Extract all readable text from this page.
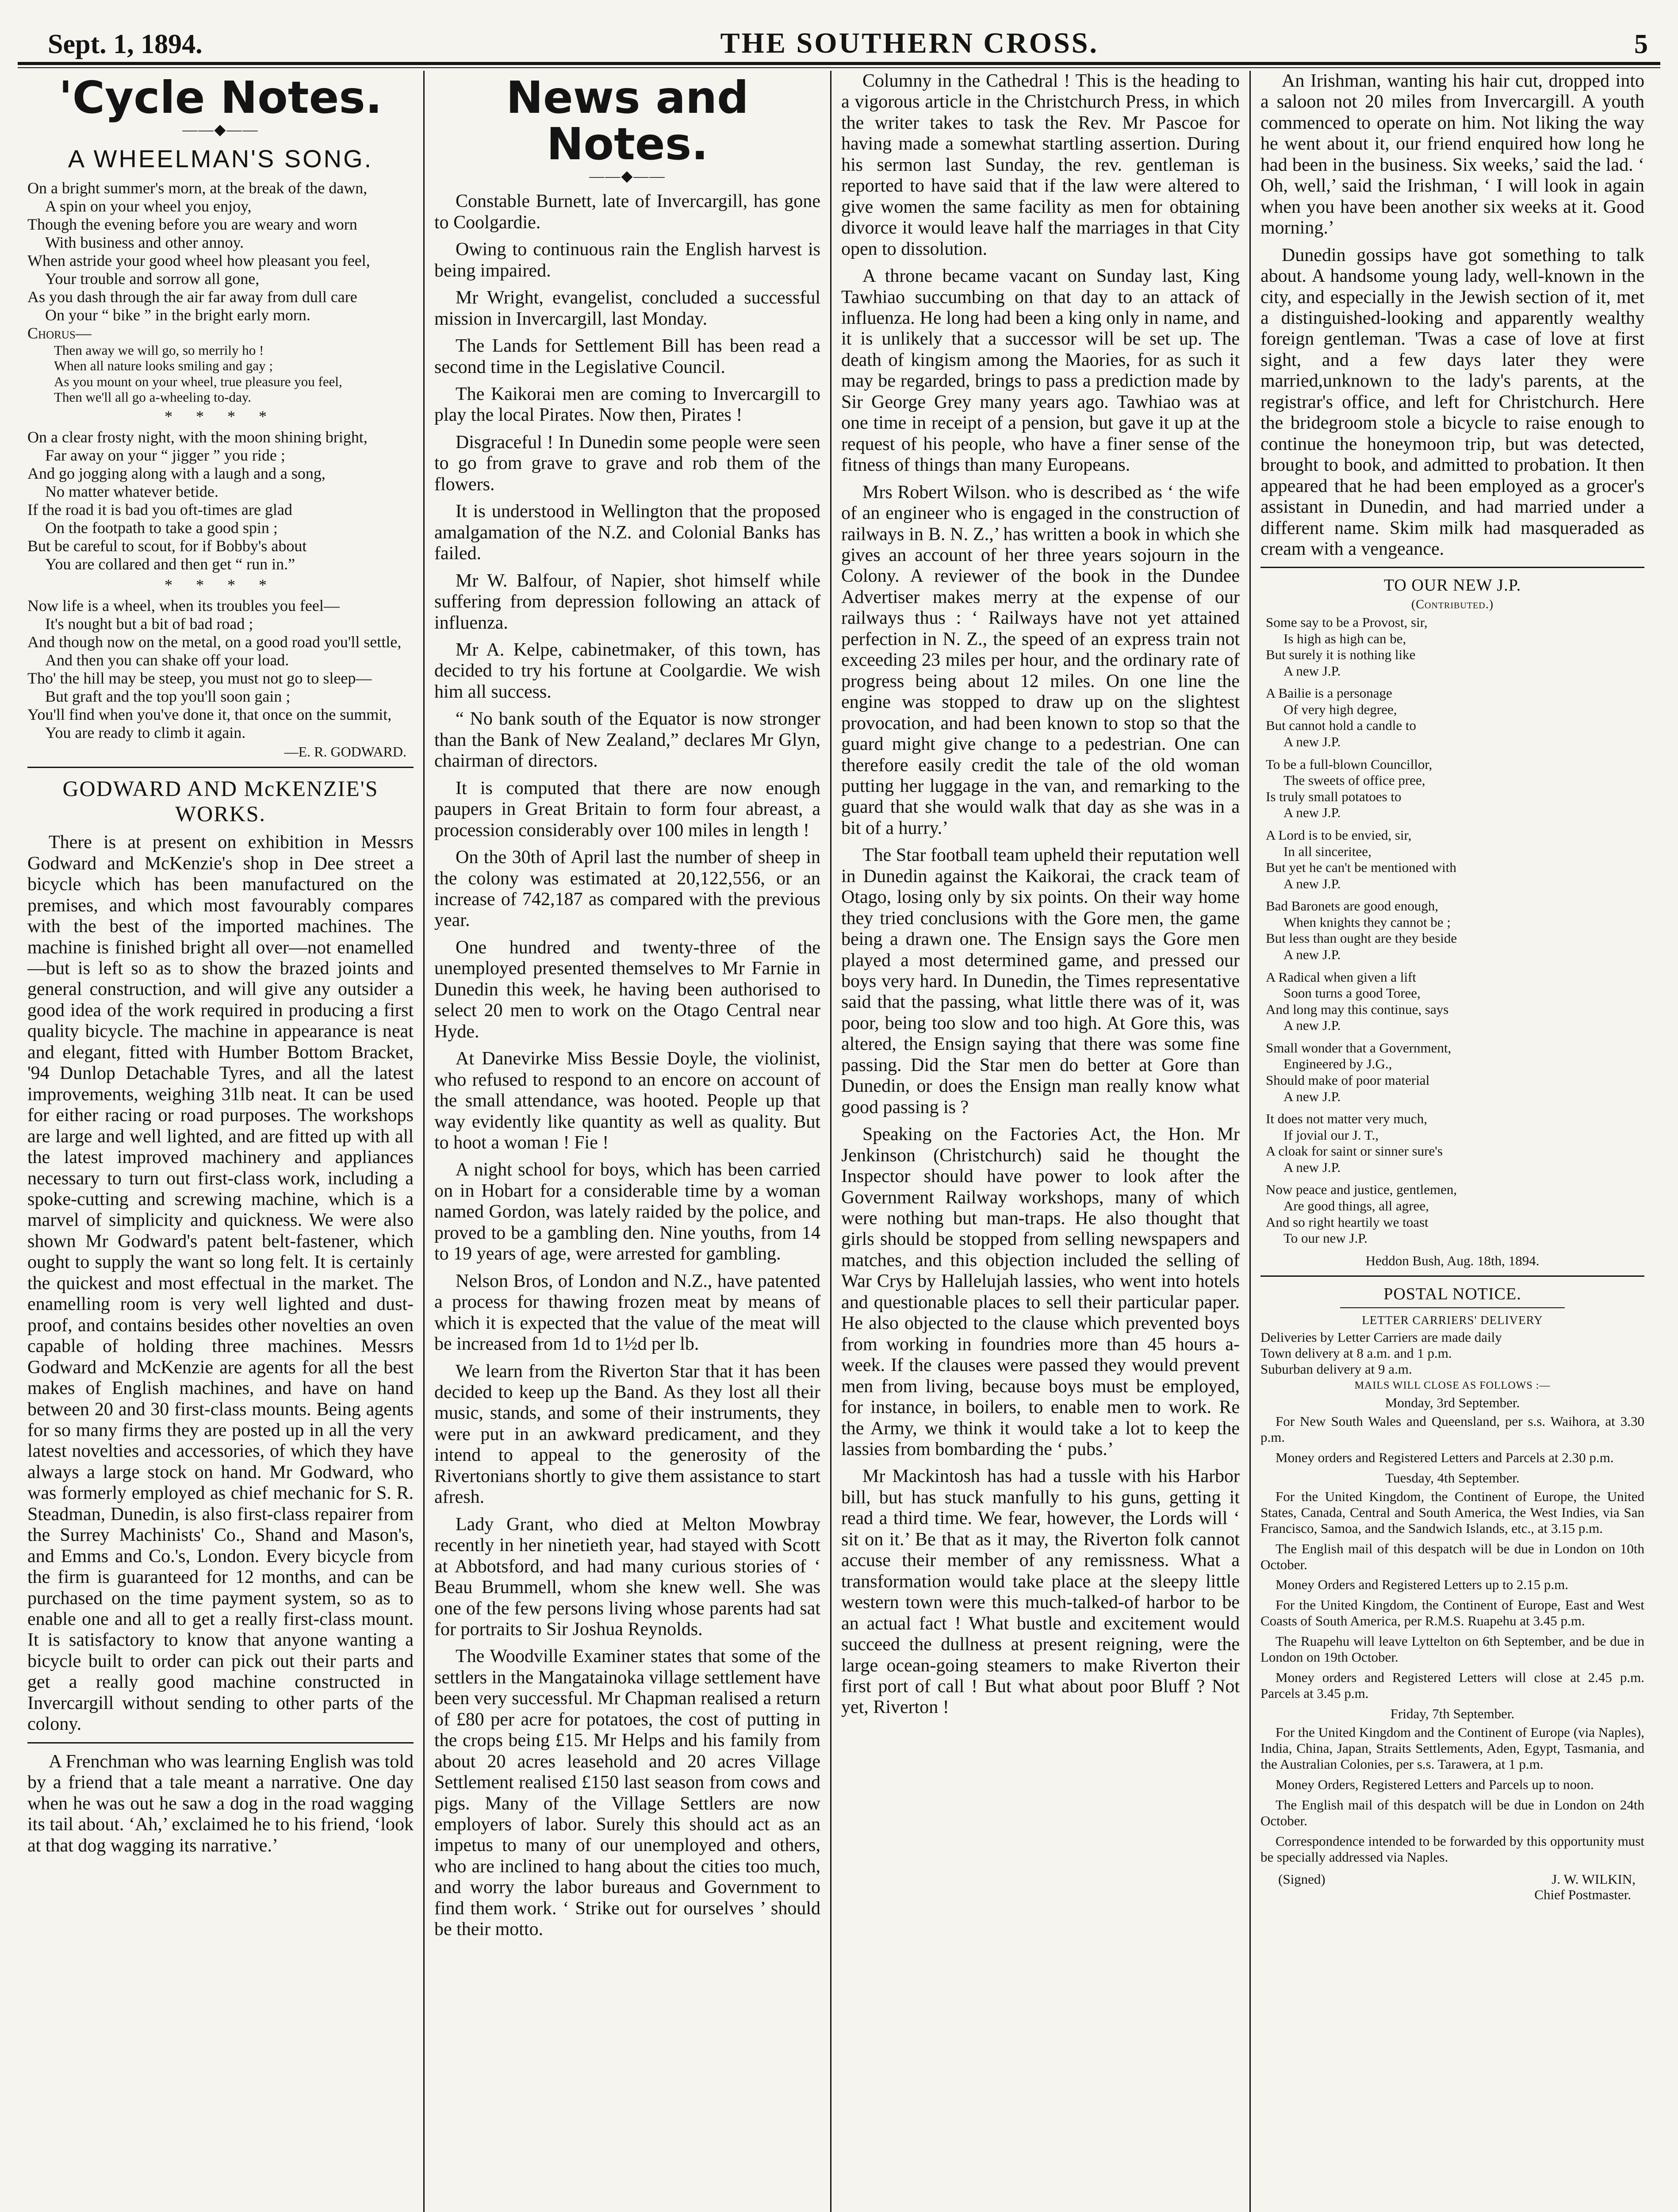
Sept. 1, 1894.	THE SOUTHERN CROSS.	5
'Cycle Notes.
——◆——
A WHEELMAN'S SONG.

On a bright summer's morn, at the break of the dawn,

A spin on your wheel you enjoy,

Though the evening before you are weary and worn

With business and other annoy.

When astride your good wheel how pleasant you feel,

Your trouble and sorrow all gone,

As you dash through the air far away from dull care

On your “ bike ” in the bright early morn.

Chorus—

Then away we will go, so merrily ho !

When all nature looks smiling and gay ;

As you mount on your wheel, true pleasure you feel,

Then we'll all go a-wheeling to-day.

* * * *

On a clear frosty night, with the moon shining bright,

Far away on your “ jigger ” you ride ;

And go jogging along with a laugh and a song,

No matter whatever betide.

If the road it is bad you oft-times are glad

On the footpath to take a good spin ;

But be careful to scout, for if Bobby's about

You are collared and then get “ run in.”

* * * *

Now life is a wheel, when its troubles you feel—

It's nought but a bit of bad road ;

And though now on the metal, on a good road you'll settle,

And then you can shake off your load.

Tho' the hill may be steep, you must not go to sleep—

But graft and the top you'll soon gain ;

You'll find when you've done it, that once on the summit,

You are ready to climb it again.

—E. R. GODWARD.
GODWARD AND McKENZIE'S WORKS.

There is at present on exhibition in Messrs Godward and McKenzie's shop in Dee street a bicycle which has been manufactured on the premises, and which most favourably compares with the best of the imported machines. The machine is finished bright all over—not enamelled—but is left so as to show the brazed joints and general construction, and will give any outsider a good idea of the work required in producing a first quality bicycle. The machine in appearance is neat and elegant, fitted with Humber Bottom Bracket, '94 Dunlop Detachable Tyres, and all the latest improvements, weighing 31lb neat. It can be used for either racing or road purposes. The workshops are large and well lighted, and are fitted up with all the latest improved machinery and appliances necessary to turn out first-class work, including a spoke-cutting and screwing machine, which is a marvel of simplicity and quickness. We were also shown Mr Godward's patent belt-fastener, which ought to supply the want so long felt. It is certainly the quickest and most effectual in the market. The enamelling room is very well lighted and dust-proof, and contains besides other novelties an oven capable of holding three machines. Messrs Godward and McKenzie are agents for all the best makes of English machines, and have on hand between 20 and 30 first-class mounts. Being agents for so many firms they are posted up in all the very latest novelties and accessories, of which they have always a large stock on hand. Mr Godward, who was formerly employed as chief mechanic for S. R. Steadman, Dunedin, is also first-class repairer from the Surrey Machinists' Co., Shand and Mason's, and Emms and Co.'s, London. Every bicycle from the firm is guaranteed for 12 months, and can be purchased on the time payment system, so as to enable one and all to get a really first-class mount. It is satisfactory to know that anyone wanting a bicycle built to order can pick out their parts and get a really good machine constructed in Invercargill without sending to other parts of the colony.

A Frenchman who was learning English was told by a friend that a tale meant a narrative. One day when he was out he saw a dog in the road wagging its tail about. ‘Ah,’ exclaimed he to his friend, ‘look at that dog wagging its narrative.’

News and Notes.
——◆——

Constable Burnett, late of Invercargill, has gone to Coolgardie.

Owing to continuous rain the English harvest is being impaired.

Mr Wright, evangelist, concluded a successful mission in Invercargill, last Monday.

The Lands for Settlement Bill has been read a second time in the Legislative Council.

The Kaikorai men are coming to Invercargill to play the local Pirates. Now then, Pirates !

Disgraceful ! In Dunedin some people were seen to go from grave to grave and rob them of the flowers.

It is understood in Wellington that the proposed amalgamation of the N.Z. and Colonial Banks has failed.

Mr W. Balfour, of Napier, shot himself while suffering from depression following an attack of influenza.

Mr A. Kelpe, cabinetmaker, of this town, has decided to try his fortune at Coolgardie. We wish him all success.

“ No bank south of the Equator is now stronger than the Bank of New Zealand,” declares Mr Glyn, chairman of directors.

It is computed that there are now enough paupers in Great Britain to form four abreast, a procession considerably over 100 miles in length !

On the 30th of April last the number of sheep in the colony was estimated at 20,122,556, or an increase of 742,187 as compared with the previous year.

One hundred and twenty-three of the unemployed presented themselves to Mr Farnie in Dunedin this week, he having been authorised to select 20 men to work on the Otago Central near Hyde.

At Danevirke Miss Bessie Doyle, the violinist, who refused to respond to an encore on account of the small attendance, was hooted. People up that way evidently like quantity as well as quality. But to hoot a woman ! Fie !

A night school for boys, which has been carried on in Hobart for a considerable time by a woman named Gordon, was lately raided by the police, and proved to be a gambling den. Nine youths, from 14 to 19 years of age, were arrested for gambling.

Nelson Bros, of London and N.Z., have patented a process for thawing frozen meat by means of which it is expected that the value of the meat will be increased from 1d to 1½d per lb.

We learn from the Riverton Star that it has been decided to keep up the Band. As they lost all their music, stands, and some of their instruments, they were put in an awkward predicament, and they intend to appeal to the generosity of the Rivertonians shortly to give them assistance to start afresh.

Lady Grant, who died at Melton Mowbray recently in her ninetieth year, had stayed with Scott at Abbotsford, and had many curious stories of ‘ Beau Brummell, whom she knew well. She was one of the few persons living whose parents had sat for portraits to Sir Joshua Reynolds.

The Woodville Examiner states that some of the settlers in the Mangatainoka village settlement have been very successful. Mr Chapman realised a return of £80 per acre for potatoes, the cost of putting in the crops being £15. Mr Helps and his family from about 20 acres leasehold and 20 acres Village Settlement realised £150 last season from cows and pigs. Many of the Village Settlers are now employers of labor. Surely this should act as an impetus to many of our unemployed and others, who are inclined to hang about the cities too much, and worry the labor bureaus and Government to find them work. ‘ Strike out for ourselves ’ should be their motto.

Columny in the Cathedral ! This is the heading to a vigorous article in the Christchurch Press, in which the writer takes to task the Rev. Mr Pascoe for having made a somewhat startling assertion. During his sermon last Sunday, the rev. gentleman is reported to have said that if the law were altered to give women the same facility as men for obtaining divorce it would leave half the marriages in that City open to dissolution.

A throne became vacant on Sunday last, King Tawhiao succumbing on that day to an attack of influenza. He long had been a king only in name, and it is unlikely that a successor will be set up. The death of kingism among the Maories, for as such it may be regarded, brings to pass a prediction made by Sir George Grey many years ago. Tawhiao was at one time in receipt of a pension, but gave it up at the request of his people, who have a finer sense of the fitness of things than many Europeans.

Mrs Robert Wilson. who is described as ‘ the wife of an engineer who is engaged in the construction of railways in B. N. Z.,’ has written a book in which she gives an account of her three years sojourn in the Colony. A reviewer of the book in the Dundee Advertiser makes merry at the expense of our railways thus : ‘ Railways have not yet attained perfection in N. Z., the speed of an express train not exceeding 23 miles per hour, and the ordinary rate of progress being about 12 miles. On one line the engine was stopped to draw up on the slightest provocation, and had been known to stop so that the guard might give change to a pedestrian. One can therefore easily credit the tale of the old woman putting her luggage in the van, and remarking to the guard that she would walk that day as she was in a bit of a hurry.’

The Star football team upheld their reputation well in Dunedin against the Kaikorai, the crack team of Otago, losing only by six points. On their way home they tried conclusions with the Gore men, the game being a drawn one. The Ensign says the Gore men played a most determined game, and pressed our boys very hard. In Dunedin, the Times representative said that the passing, what little there was of it, was poor, being too slow and too high. At Gore this, was altered, the Ensign saying that there was some fine passing. Did the Star men do better at Gore than Dunedin, or does the Ensign man really know what good passing is ?

Speaking on the Factories Act, the Hon. Mr Jenkinson (Christchurch) said he thought the Inspector should have power to look after the Government Railway workshops, many of which were nothing but man-traps. He also thought that girls should be stopped from selling newspapers and matches, and this objection included the selling of War Crys by Hallelujah lassies, who went into hotels and questionable places to sell their particular paper. He also objected to the clause which prevented boys from working in foundries more than 45 hours a-week. If the clauses were passed they would prevent men from living, because boys must be employed, for instance, in boilers, to enable men to work. Re the Army, we think it would take a lot to keep the lassies from bombarding the ‘ pubs.’

Mr Mackintosh has had a tussle with his Harbor bill, but has stuck manfully to his guns, getting it read a third time. We fear, however, the Lords will ‘ sit on it.’ Be that as it may, the Riverton folk cannot accuse their member of any remissness. What a transformation would take place at the sleepy little western town were this much-talked-of harbor to be an actual fact ! What bustle and excitement would succeed the dullness at present reigning, were the large ocean-going steamers to make Riverton their first port of call ! But what about poor Bluff ? Not yet, Riverton !

An Irishman, wanting his hair cut, dropped into a saloon not 20 miles from Invercargill. A youth commenced to operate on him. Not liking the way he went about it, our friend enquired how long he had been in the business. Six weeks,’ said the lad. ‘ Oh, well,’ said the Irishman, ‘ I will look in again when you have been another six weeks at it. Good morning.’

Dunedin gossips have got something to talk about. A handsome young lady, well-known in the city, and especially in the Jewish section of it, met a distinguished-looking and apparently wealthy foreign gentleman. 'Twas a case of love at first sight, and a few days later they were married,unknown to the lady's parents, at the registrar's office, and left for Christchurch. Here the bridegroom stole a bicycle to raise enough to continue the honeymoon trip, but was detected, brought to book, and admitted to probation. It then appeared that he had been employed as a grocer's assistant in Dunedin, and had married under a different name. Skim milk had masqueraded as cream with a vengeance.

TO OUR NEW J.P.
(Contributed.)

Some say to be a Provost, sir,

Is high as high can be,

But surely it is nothing like

A new J.P.

A Bailie is a personage

Of very high degree,

But cannot hold a candle to

A new J.P.

To be a full-blown Councillor,

The sweets of office pree,

Is truly small potatoes to

A new J.P.

A Lord is to be envied, sir,

In all sinceritee,

But yet he can't be mentioned with

A new J.P.

Bad Baronets are good enough,

When knights they cannot be ;

But less than ought are they beside

A new J.P.

A Radical when given a lift

Soon turns a good Toree,

And long may this continue, says

A new J.P.

Small wonder that a Government,

Engineered by J.G.,

Should make of poor material

A new J.P.

It does not matter very much,

If jovial our J. T.,

A cloak for saint or sinner sure's

A new J.P.

Now peace and justice, gentlemen,

Are good things, all agree,

And so right heartily we toast

To our new J.P.

Heddon Bush, Aug. 18th, 1894.
POSTAL NOTICE.
LETTER CARRIERS' DELIVERY

Deliveries by Letter Carriers are made daily

Town delivery at 8 a.m. and 1 p.m.

Suburban delivery at 9 a.m.

MAILS WILL CLOSE AS FOLLOWS :—
Monday, 3rd September.

For New South Wales and Queensland, per s.s. Waihora, at 3.30 p.m.

Money orders and Registered Letters and Parcels at 2.30 p.m.

Tuesday, 4th September.

For the United Kingdom, the Continent of Europe, the United States, Canada, Central and South America, the West Indies, via San Francisco, Samoa, and the Sandwich Islands, etc., at 3.15 p.m.

The English mail of this despatch will be due in London on 10th October.

Money Orders and Registered Letters up to 2.15 p.m.

For the United Kingdom, the Continent of Europe, East and West Coasts of South America, per R.M.S. Ruapehu at 3.45 p.m.

The Ruapehu will leave Lyttelton on 6th September, and be due in London on 19th October.

Money orders and Registered Letters will close at 2.45 p.m. Parcels at 3.45 p.m.

Friday, 7th September.

For the United Kingdom and the Continent of Europe (via Naples), India, China, Japan, Straits Settlements, Aden, Egypt, Tasmania, and the Australian Colonies, per s.s. Tarawera, at 1 p.m.

Money Orders, Registered Letters and Parcels up to noon.

The English mail of this despatch will be due in London on 24th October.

Correspondence intended to be forwarded by this opportunity must be specially addressed via Naples.

(Signed)	J. W. WILKIN,
Chief Postmaster.
